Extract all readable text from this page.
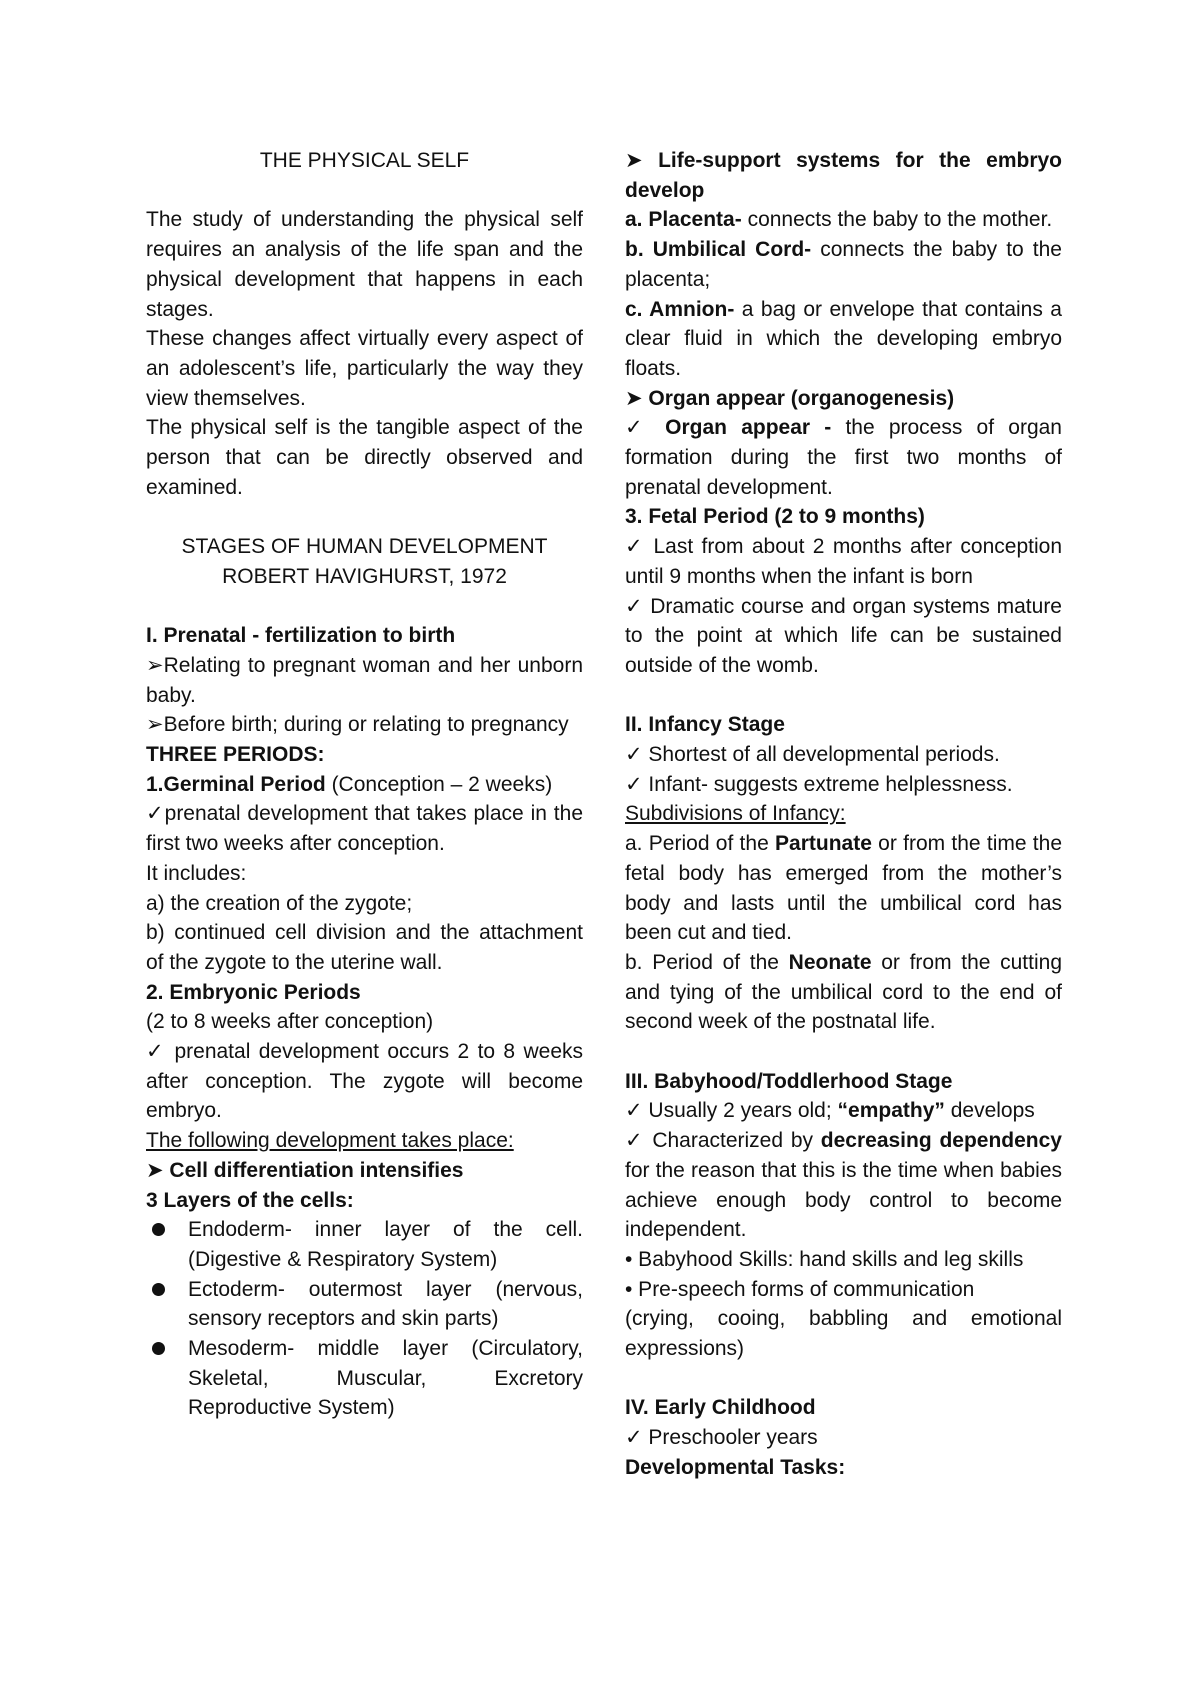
THE PHYSICAL SELF

The study of understanding the physical self requires an analysis of the life span and the physical development that happens in each stages.

These changes affect virtually every aspect of an adolescent’s life, particularly the way they view themselves.

The physical self is the tangible aspect of the person that can be directly observed and examined.

STAGES OF HUMAN DEVELOPMENT

ROBERT HAVIGHURST, 1972

I. Prenatal - fertilization to birth

➢Relating to pregnant woman and her unborn baby.

➢Before birth; during or relating to pregnancy

THREE PERIODS:

1.Germinal Period (Conception – 2 weeks)

✓prenatal development that takes place in the first two weeks after conception.

It includes:

a) the creation of the zygote;

b) continued cell division and the attachment of the zygote to the uterine wall.

2. Embryonic Periods

(2 to 8 weeks after conception)

✓ prenatal development occurs 2 to 8 weeks after conception. The zygote will become embryo.

The following development takes place:

➤ Cell differentiation intensifies

3 Layers of the cells:

Endoderm- inner layer of the cell. (Digestive & Respiratory System)
Ectoderm- outermost layer (nervous, sensory receptors and skin parts)
Mesoderm- middle layer (Circulatory, Skeletal, Muscular, Excretory Reproductive System)

➤ Life-support systems for the embryo develop

a. Placenta- connects the baby to the mother.

b. Umbilical Cord- connects the baby to the placenta;

c. Amnion- a bag or envelope that contains a clear fluid in which the developing embryo floats.

➤ Organ appear (organogenesis)

✓ Organ appear - the process of organ formation during the first two months of prenatal development.

3. Fetal Period (2 to 9 months)

✓ Last from about 2 months after conception until 9 months when the infant is born

✓ Dramatic course and organ systems mature to the point at which life can be sustained outside of the womb.

II. Infancy Stage

✓ Shortest of all developmental periods.

✓ Infant- suggests extreme helplessness.

Subdivisions of Infancy:

a. Period of the Partunate or from the time the fetal body has emerged from the mother’s body and lasts until the umbilical cord has been cut and tied.

b. Period of the Neonate or from the cutting and tying of the umbilical cord to the end of second week of the postnatal life.

III. Babyhood/Toddlerhood Stage

✓ Usually 2 years old; “empathy” develops

✓ Characterized by decreasing dependency for the reason that this is the time when babies achieve enough body control to become independent.

• Babyhood Skills: hand skills and leg skills

• Pre-speech forms of communication

(crying, cooing, babbling and emotional expressions)

IV. Early Childhood

✓ Preschooler years

Developmental Tasks:
